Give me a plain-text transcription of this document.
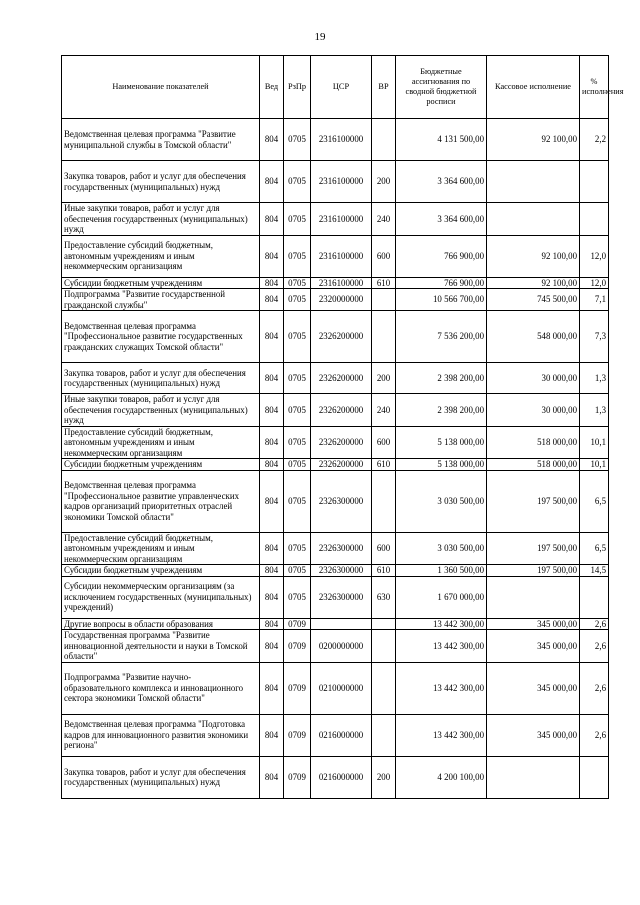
19
Наименование показателей	Вед	РзПр	ЦСР	ВР	Бюджетные ассигнования по сводной бюджетной росписи	Кассовое исполнение	% исполнения

Ведомственная целевая программа "Развитие муниципальной службы в Томской области"	804	0705	2316100000		4 131 500,00	92 100,00	2,2
Закупка товаров, работ и услуг для обеспечения государственных (муниципальных) нужд	804	0705	2316100000	200	3 364 600,00		
Иные закупки товаров, работ и услуг для обеспечения государственных (муниципальных) нужд	804	0705	2316100000	240	3 364 600,00		
Предоставление субсидий бюджетным, автономным учреждениям и иным некоммерческим организациям	804	0705	2316100000	600	766 900,00	92 100,00	12,0
Субсидии бюджетным учреждениям	804	0705	2316100000	610	766 900,00	92 100,00	12,0
Подпрограмма "Развитие государственной гражданской службы"	804	0705	2320000000		10 566 700,00	745 500,00	7,1
Ведомственная целевая программа "Профессиональное развитие государственных гражданских служащих Томской области"	804	0705	2326200000		7 536 200,00	548 000,00	7,3
Закупка товаров, работ и услуг для обеспечения государственных (муниципальных) нужд	804	0705	2326200000	200	2 398 200,00	30 000,00	1,3
Иные закупки товаров, работ и услуг для обеспечения государственных (муниципальных) нужд	804	0705	2326200000	240	2 398 200,00	30 000,00	1,3
Предоставление субсидий бюджетным, автономным учреждениям и иным некоммерческим организациям	804	0705	2326200000	600	5 138 000,00	518 000,00	10,1
Субсидии бюджетным учреждениям	804	0705	2326200000	610	5 138 000,00	518 000,00	10,1
Ведомственная целевая программа "Профессиональное развитие управленческих кадров организаций приоритетных отраслей экономики Томской области"	804	0705	2326300000		3 030 500,00	197 500,00	6,5
Предоставление субсидий бюджетным, автономным учреждениям и иным некоммерческим организациям	804	0705	2326300000	600	3 030 500,00	197 500,00	6,5
Субсидии бюджетным учреждениям	804	0705	2326300000	610	1 360 500,00	197 500,00	14,5
Субсидии некоммерческим организациям (за исключением государственных (муниципальных) учреждений)	804	0705	2326300000	630	1 670 000,00		
Другие вопросы в области образования	804	0709			13 442 300,00	345 000,00	2,6
Государственная программа "Развитие инновационной деятельности и науки в Томской области"	804	0709	0200000000		13 442 300,00	345 000,00	2,6
Подпрограмма "Развитие научно-образовательного комплекса и инновационного сектора экономики Томской области"	804	0709	0210000000		13 442 300,00	345 000,00	2,6
Ведомственная целевая программа "Подготовка кадров для инновационного развития экономики региона"	804	0709	0216000000		13 442 300,00	345 000,00	2,6
Закупка товаров, работ и услуг для обеспечения государственных (муниципальных) нужд	804	0709	0216000000	200	4 200 100,00		
